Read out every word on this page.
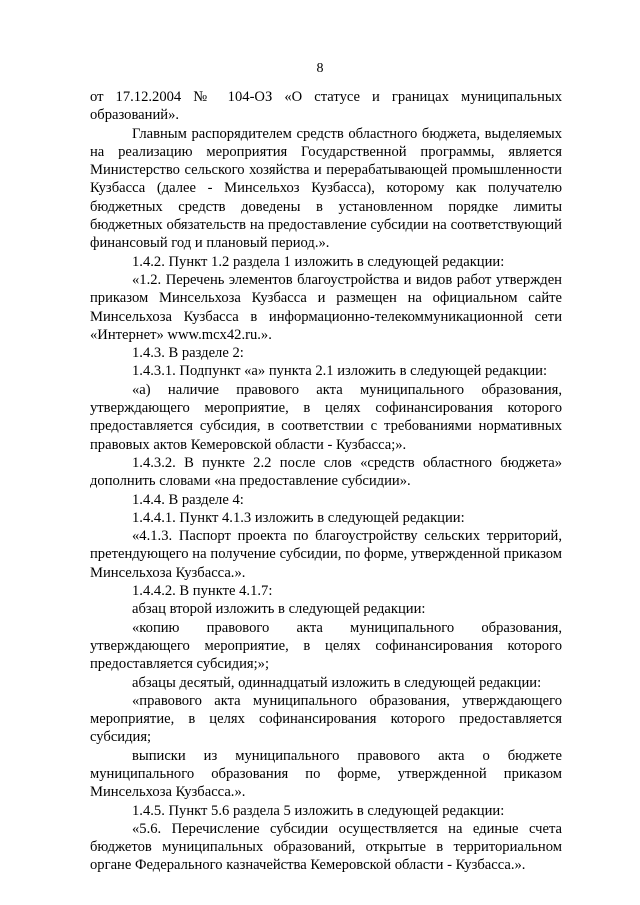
8

от 17.12.2004 № 104-ОЗ «О статусе и границах муниципальных образований».

Главным распорядителем средств областного бюджета, выделяемых на реализацию мероприятия Государственной программы, является Министерство сельского хозяйства и перерабатывающей промышленности Кузбасса (далее - Минсельхоз Кузбасса), которому как получателю бюджетных средств доведены в установленном порядке лимиты бюджетных обязательств на предоставление субсидии на соответствующий финансовый год и плановый период.».

1.4.2. Пункт 1.2 раздела 1 изложить в следующей редакции:

«1.2. Перечень элементов благоустройства и видов работ утвержден приказом Минсельхоза Кузбасса и размещен на официальном сайте Минсельхоза Кузбасса в информационно-телекоммуникационной сети «Интернет» www.mcx42.ru.».

1.4.3. В разделе 2:

1.4.3.1. Подпункт «а» пункта 2.1 изложить в следующей редакции:

«а) наличие правового акта муниципального образования, утверждающего мероприятие, в целях софинансирования которого предоставляется субсидия, в соответствии с требованиями нормативных правовых актов Кемеровской области - Кузбасса;».

1.4.3.2. В пункте 2.2 после слов «средств областного бюджета» дополнить словами «на предоставление субсидии».

1.4.4. В разделе 4:

1.4.4.1. Пункт 4.1.3 изложить в следующей редакции:

«4.1.3. Паспорт проекта по благоустройству сельских территорий, претендующего на получение субсидии, по форме, утвержденной приказом Минсельхоза Кузбасса.».

1.4.4.2. В пункте 4.1.7:

абзац второй изложить в следующей редакции:

«копию правового акта муниципального образования, утверждающего мероприятие, в целях софинансирования которого предоставляется субсидия;»;

абзацы десятый, одиннадцатый изложить в следующей редакции:

«правового акта муниципального образования, утверждающего мероприятие, в целях софинансирования которого предоставляется субсидия;

выписки из муниципального правового акта о бюджете муниципального образования по форме, утвержденной приказом Минсельхоза Кузбасса.».

1.4.5. Пункт 5.6 раздела 5 изложить в следующей редакции:

«5.6. Перечисление субсидии осуществляется на единые счета бюджетов муниципальных образований, открытые в территориальном органе Федерального казначейства Кемеровской области - Кузбасса.».
